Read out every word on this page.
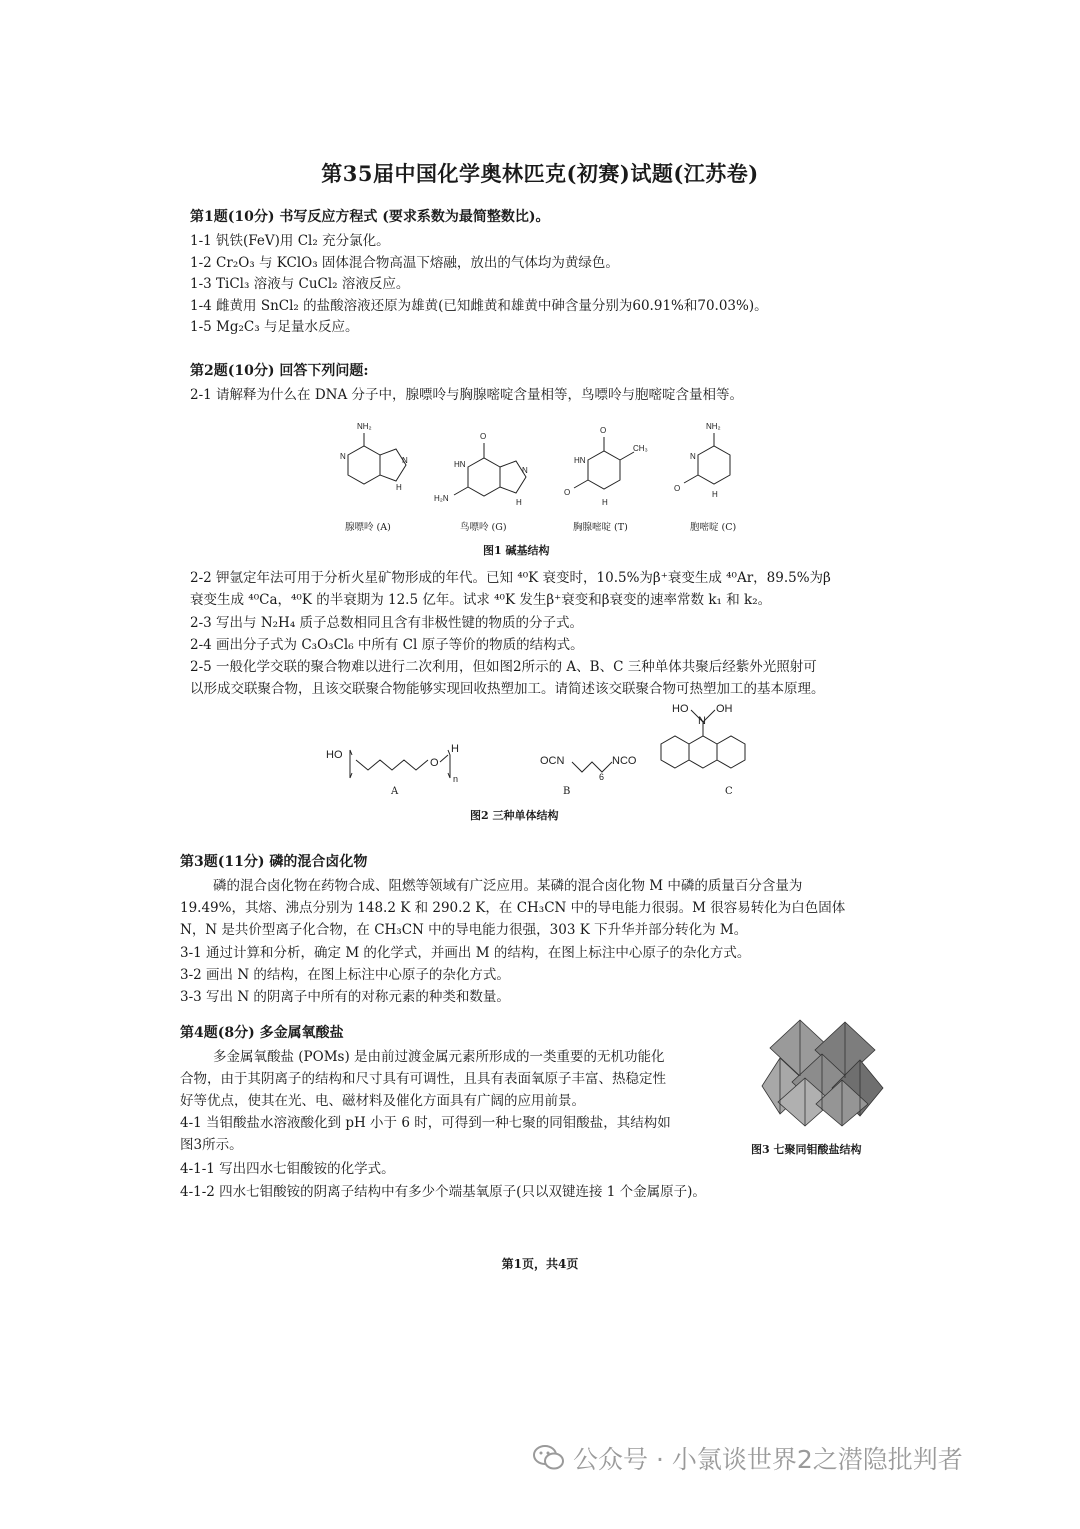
第35届中国化学奥林匹克(初赛)试题(江苏卷)
第1题(10分) 书写反应方程式 (要求系数为最简整数比)。
1-1 钒铁(FeV)用 Cl₂ 充分氯化。
1-2 Cr₂O₃ 与 KClO₃ 固体混合物高温下熔融，放出的气体均为黄绿色。
1-3 TiCl₃ 溶液与 CuCl₂ 溶液反应。
1-4 雌黄用 SnCl₂ 的盐酸溶液还原为雄黄(已知雌黄和雄黄中砷含量分别为60.91%和70.03%)。
1-5 Mg₂C₃ 与足量水反应。
第2题(10分) 回答下列问题:
2-1 请解释为什么在 DNA 分子中，腺嘌呤与胸腺嘧啶含量相等，鸟嘌呤与胞嘧啶含量相等。
NH₂
N	N
H
O
HN
H₂N
N
H
O
CH₃
HN
O
H
NH₂
N
O
H
腺嘌呤 (A)	鸟嘌呤 (G)	胸腺嘧啶 (T)	胞嘧啶 (C)
图1 碱基结构
2-2 钾氩定年法可用于分析火星矿物形成的年代。已知 ⁴⁰K 衰变时，10.5%为β⁺衰变生成 ⁴⁰Ar，89.5%为β
衰变生成 ⁴⁰Ca，⁴⁰K 的半衰期为 12.5 亿年。试求 ⁴⁰K 发生β⁺衰变和β衰变的速率常数 k₁ 和 k₂。
2-3 写出与 N₂H₄ 质子总数相同且含有非极性键的物质的分子式。
2-4 画出分子式为 C₃O₃Cl₆ 中所有 Cl 原子等价的物质的结构式。
2-5 一般化学交联的聚合物难以进行二次利用，但如图2所示的 A、B、C 三种单体共聚后经紫外光照射可
以形成交联聚合物，且该交联聚合物能够实现回收热塑加工。请简述该交联聚合物可热塑加工的基本原理。
HO	H
O
n
OCN	NCO
6
HO
N
OH
A	B	C
图2 三种单体结构
第3题(11分) 磷的混合卤化物
磷的混合卤化物在药物合成、阻燃等领域有广泛应用。某磷的混合卤化物 M 中磷的质量百分含量为
19.49%，其熔、沸点分别为 148.2 K 和 290.2 K，在 CH₃CN 中的导电能力很弱。M 很容易转化为白色固体
N，N 是共价型离子化合物，在 CH₃CN 中的导电能力很强，303 K 下升华并部分转化为 M。
3-1 通过计算和分析，确定 M 的化学式，并画出 M 的结构，在图上标注中心原子的杂化方式。
3-2 画出 N 的结构，在图上标注中心原子的杂化方式。
3-3 写出 N 的阴离子中所有的对称元素的种类和数量。
第4题(8分) 多金属氧酸盐
多金属氧酸盐 (POMs) 是由前过渡金属元素所形成的一类重要的无机功能化
合物，由于其阴离子的结构和尺寸具有可调性，且具有表面氧原子丰富、热稳定性
好等优点，使其在光、电、磁材料及催化方面具有广阔的应用前景。
4-1 当钼酸盐水溶液酸化到 pH 小于 6 时，可得到一种七聚的同钼酸盐，其结构如
图3所示。
4-1-1 写出四水七钼酸铵的化学式。
4-1-2 四水七钼酸铵的阴离子结构中有多少个端基氧原子(只以双键连接 1 个金属原子)。
图3 七聚同钼酸盐结构
第1页，共4页
公众号 · 小氯谈世界2之潜隐批判者
